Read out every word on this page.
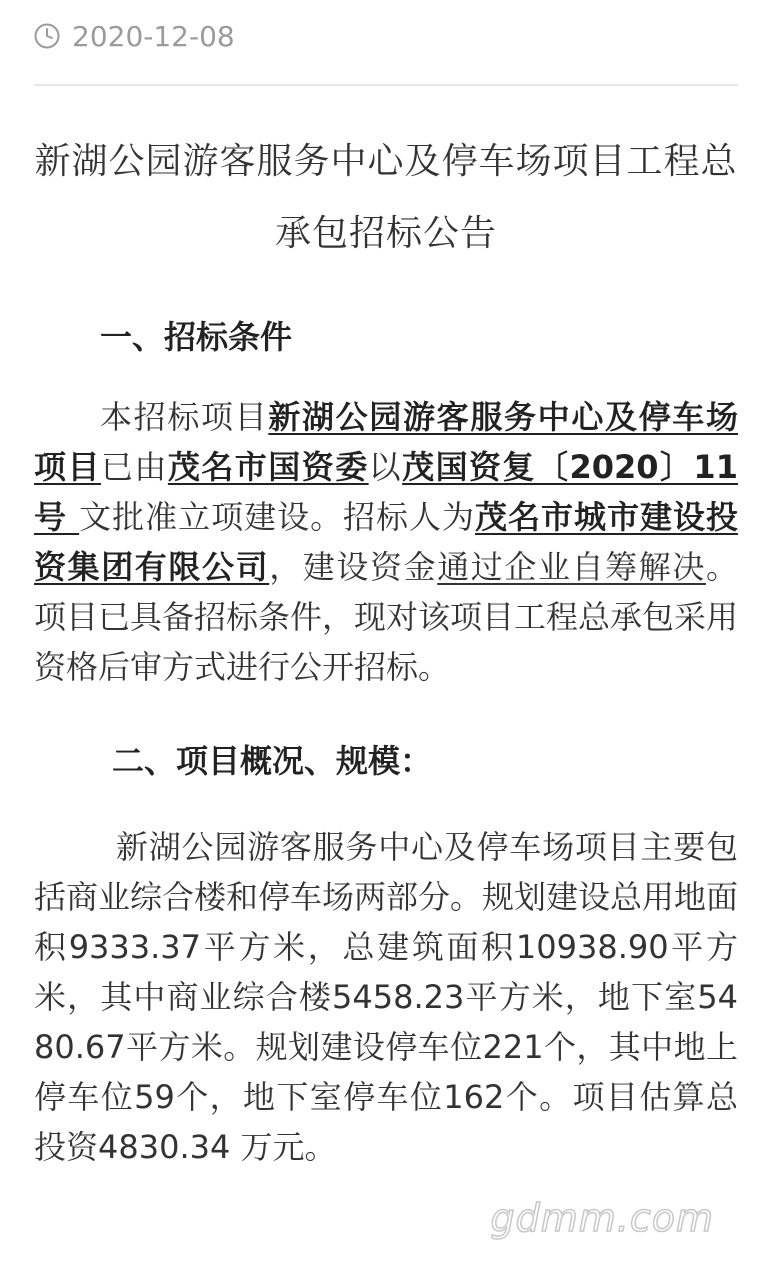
2020-12-08
新湖公园游客服务中心及停车场项目工程总承包招标公告
一、招标条件
本招标项目新湖公园游客服务中心及停车场项目已由茂名市国资委以茂国资复〔2020〕11号 文批准立项建设。招标人为茂名市城市建设投资集团有限公司，建设资金通过企业自筹解决。项目已具备招标条件，现对该项目工程总承包采用资格后审方式进行公开招标。
二、项目概况、规模：
新湖公园游客服务中心及停车场项目主要包括商业综合楼和停车场两部分。规划建设总用地面积9333.37平方米，总建筑面积10938.90平方米，其中商业综合楼5458.23平方米，地下室5480.67平方米。规划建设停车位221个，其中地上停车位59个，地下室停车位162个。项目估算总投资4830.34 万元。
gdmm.com
